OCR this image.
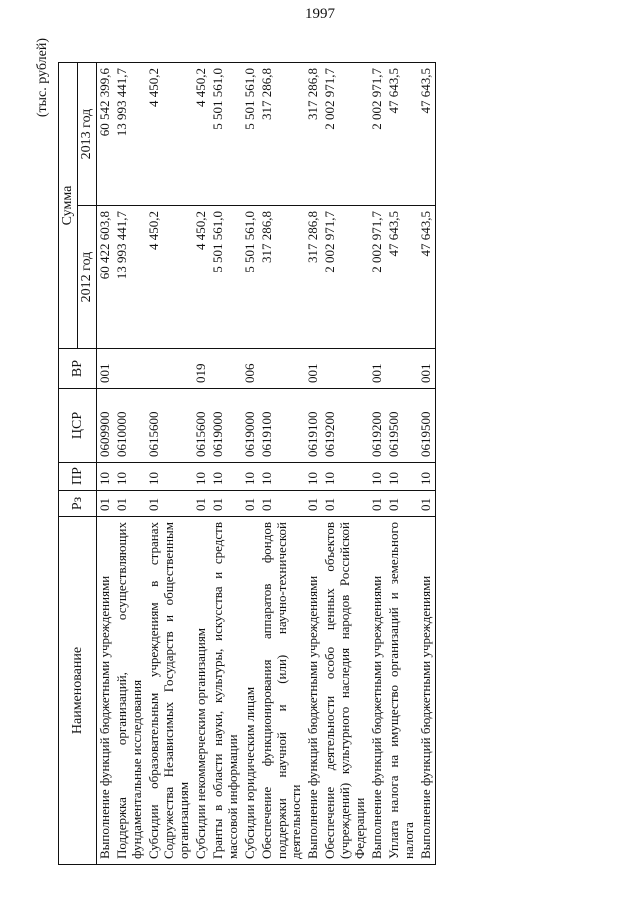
1997
(тыс. рублей)
Наименование	Рз	ПР	ЦСР	ВР	Сумма	
					2012 год	2013 год
Выполнение функций бюджетными учреждениями	01	10	0609900	001	60 422 603,8	60 542 399,6
Поддержка организаций, осуществляющих фундаментальные исследования	01	10	0610000		13 993 441,7	13 993 441,7
Субсидии образовательным учреждениям в странах Содружества Независимых Государств и общественным организациям	01	10	0615600		4 450,2	4 450,2
Субсидии некоммерческим организациям	01	10	0615600	019	4 450,2	4 450,2
Гранты в области науки, культуры, искусства и средств массовой информации	01	10	0619000		5 501 561,0	5 501 561,0
Субсидии юридическим лицам	01	10	0619000	006	5 501 561,0	5 501 561,0
Обеспечение функционирования аппаратов фондов поддержки научной и (или) научно-технической деятельности	01	10	0619100		317 286,8	317 286,8
Выполнение функций бюджетными учреждениями	01	10	0619100	001	317 286,8	317 286,8
Обеспечение деятельности особо ценных объектов (учреждений) культурного наследия народов Российской Федерации	01	10	0619200		2 002 971,7	2 002 971,7
Выполнение функций бюджетными учреждениями	01	10	0619200	001	2 002 971,7	2 002 971,7
Уплата налога на имущество организаций и земельного налога	01	10	0619500		47 643,5	47 643,5
Выполнение функций бюджетными учреждениями	01	10	0619500	001	47 643,5	47 643,5
